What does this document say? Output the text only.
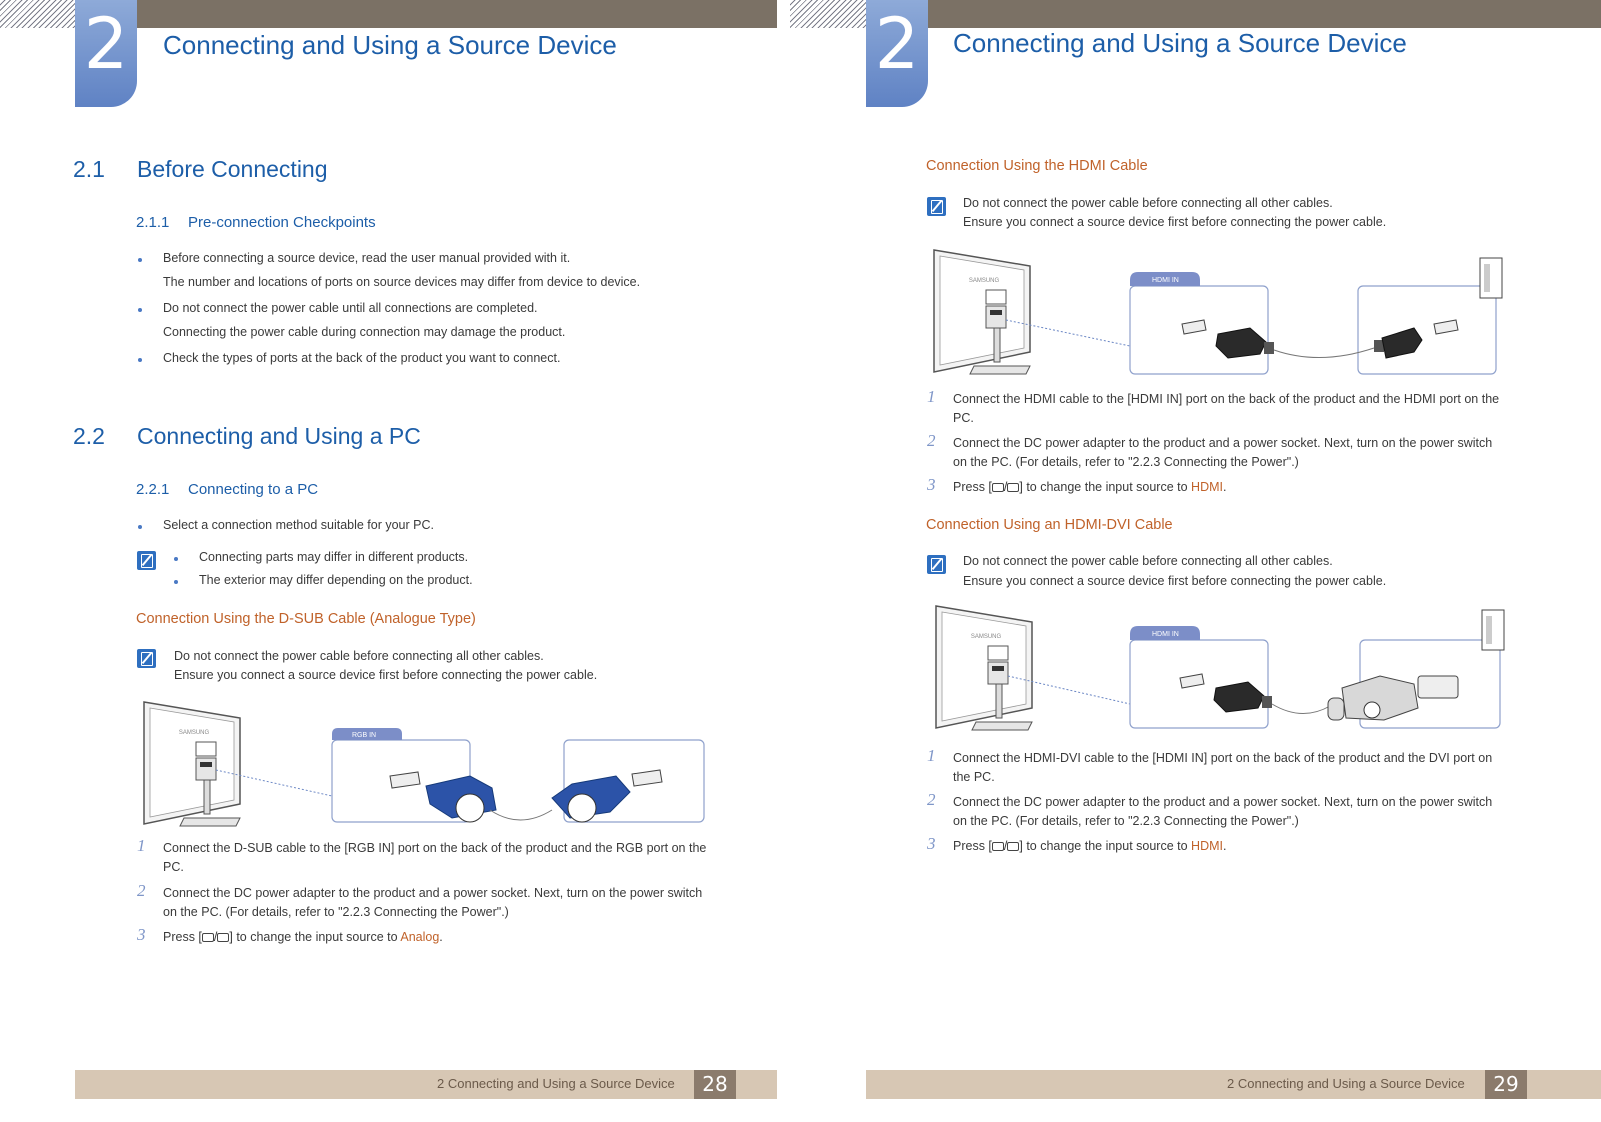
2	Connecting and Using a Source Device
2.1 Before Connecting
2.1.1 Pre-connection Checkpoints
Before connecting a source device, read the user manual provided with it.
The number and locations of ports on source devices may differ from device to device.
Do not connect the power cable until all connections are completed.
Connecting the power cable during connection may damage the product.
Check the types of ports at the back of the product you want to connect.
2.2 Connecting and Using a PC
2.2.1 Connecting to a PC
Select a connection method suitable for your PC.
Connecting parts may differ in different products.
The exterior may differ depending on the product.
Connection Using the D-SUB Cable (Analogue Type)
Do not connect the power cable before connecting all other cables.
Ensure you connect a source device first before connecting the power cable.
SAMSUNG	RGB IN
1 Connect the D-SUB cable to the [RGB IN] port on the back of the product and the RGB port on the
PC.
2 Connect the DC power adapter to the product and a power socket. Next, turn on the power switch
on the PC. (For details, refer to "2.2.3 Connecting the Power".)
3 Press [ / ] to change the input source to Analog.
2 Connecting and Using a Source Device	28
2	Connecting and Using a Source Device
Connection Using the HDMI Cable
Do not connect the power cable before connecting all other cables.
Ensure you connect a source device first before connecting the power cable.
SAMSUNG	HDMI IN
1 Connect the HDMI cable to the [HDMI IN] port on the back of the product and the HDMI port on the
PC.
2 Connect the DC power adapter to the product and a power socket. Next, turn on the power switch
on the PC. (For details, refer to "2.2.3 Connecting the Power".)
3 Press [ / ] to change the input source to HDMI.
Connection Using an HDMI-DVI Cable
Do not connect the power cable before connecting all other cables.
Ensure you connect a source device first before connecting the power cable.
SAMSUNG	HDMI IN
1 Connect the HDMI-DVI cable to the [HDMI IN] port on the back of the product and the DVI port on
the PC.
2 Connect the DC power adapter to the product and a power socket. Next, turn on the power switch
on the PC. (For details, refer to "2.2.3 Connecting the Power".)
3 Press [ / ] to change the input source to HDMI.
2 Connecting and Using a Source Device	29
